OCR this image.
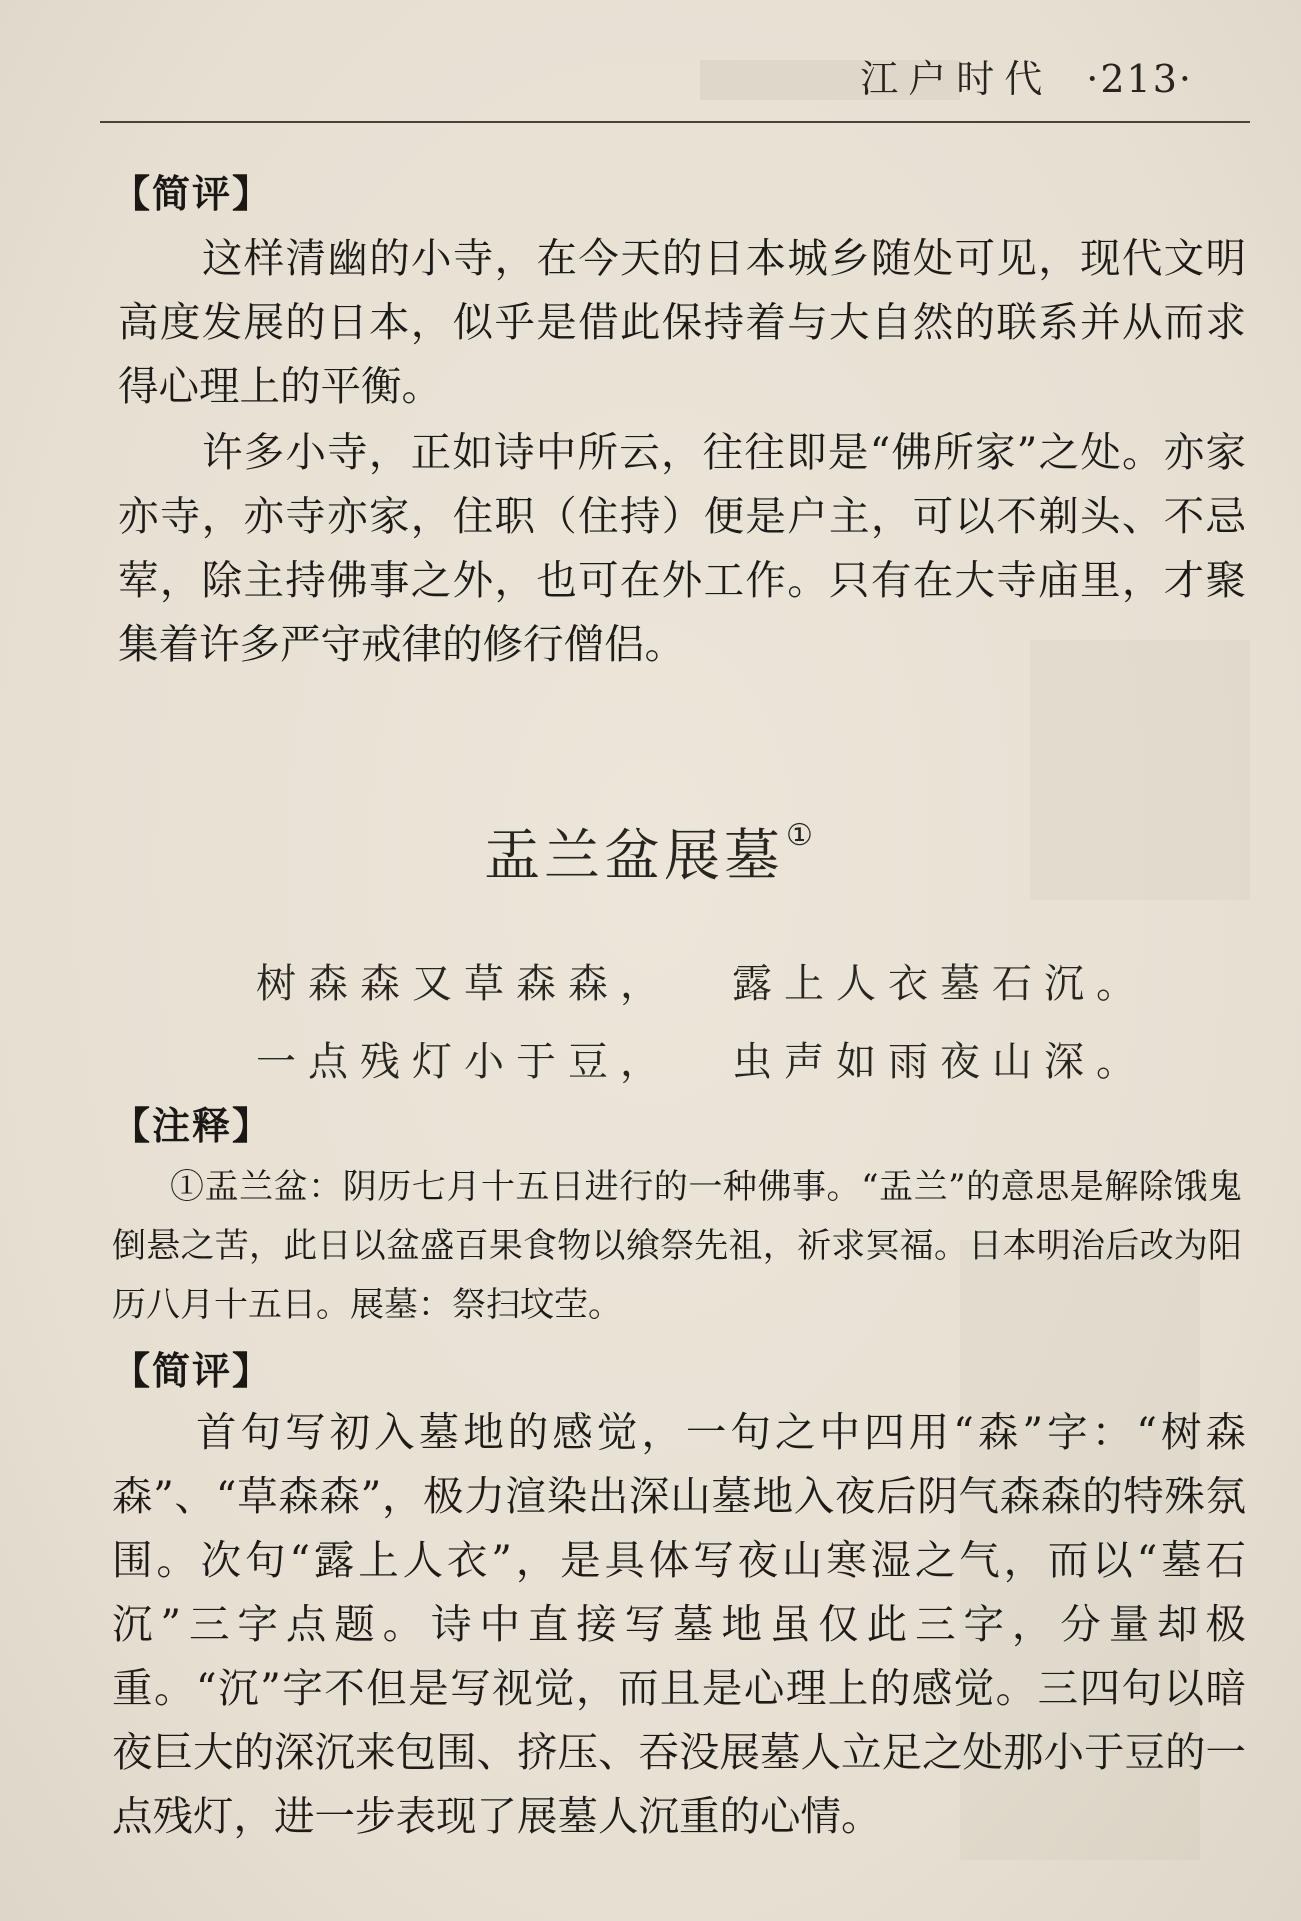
江户时代 ·213·
【简评】

这样清幽的小寺，在今天的日本城乡随处可见，现代文明高度发展的日本，似乎是借此保持着与大自然的联系并从而求得心理上的平衡。

许多小寺，正如诗中所云，往往即是“佛所家”之处。亦家亦寺，亦寺亦家，住职（住持）便是户主，可以不剃头、不忌荤，除主持佛事之外，也可在外工作。只有在大寺庙里，才聚集着许多严守戒律的修行僧侣。

盂兰盆展墓①
树森森又草森森， 露上人衣墓石沉。
一点残灯小于豆， 虫声如雨夜山深。
【注释】

①盂兰盆：阴历七月十五日进行的一种佛事。“盂兰”的意思是解除饿鬼倒悬之苦，此日以盆盛百果食物以飨祭先祖，祈求冥福。日本明治后改为阳历八月十五日。展墓：祭扫坟茔。

【简评】

首句写初入墓地的感觉，一句之中四用“森”字：“树森森”、“草森森”，极力渲染出深山墓地入夜后阴气森森的特殊氛围。次句“露上人衣”，是具体写夜山寒湿之气，而以“墓石沉”三字点题。诗中直接写墓地虽仅此三字，分量却极重。“沉”字不但是写视觉，而且是心理上的感觉。三四句以暗夜巨大的深沉来包围、挤压、吞没展墓人立足之处那小于豆的一点残灯，进一步表现了展墓人沉重的心情。
